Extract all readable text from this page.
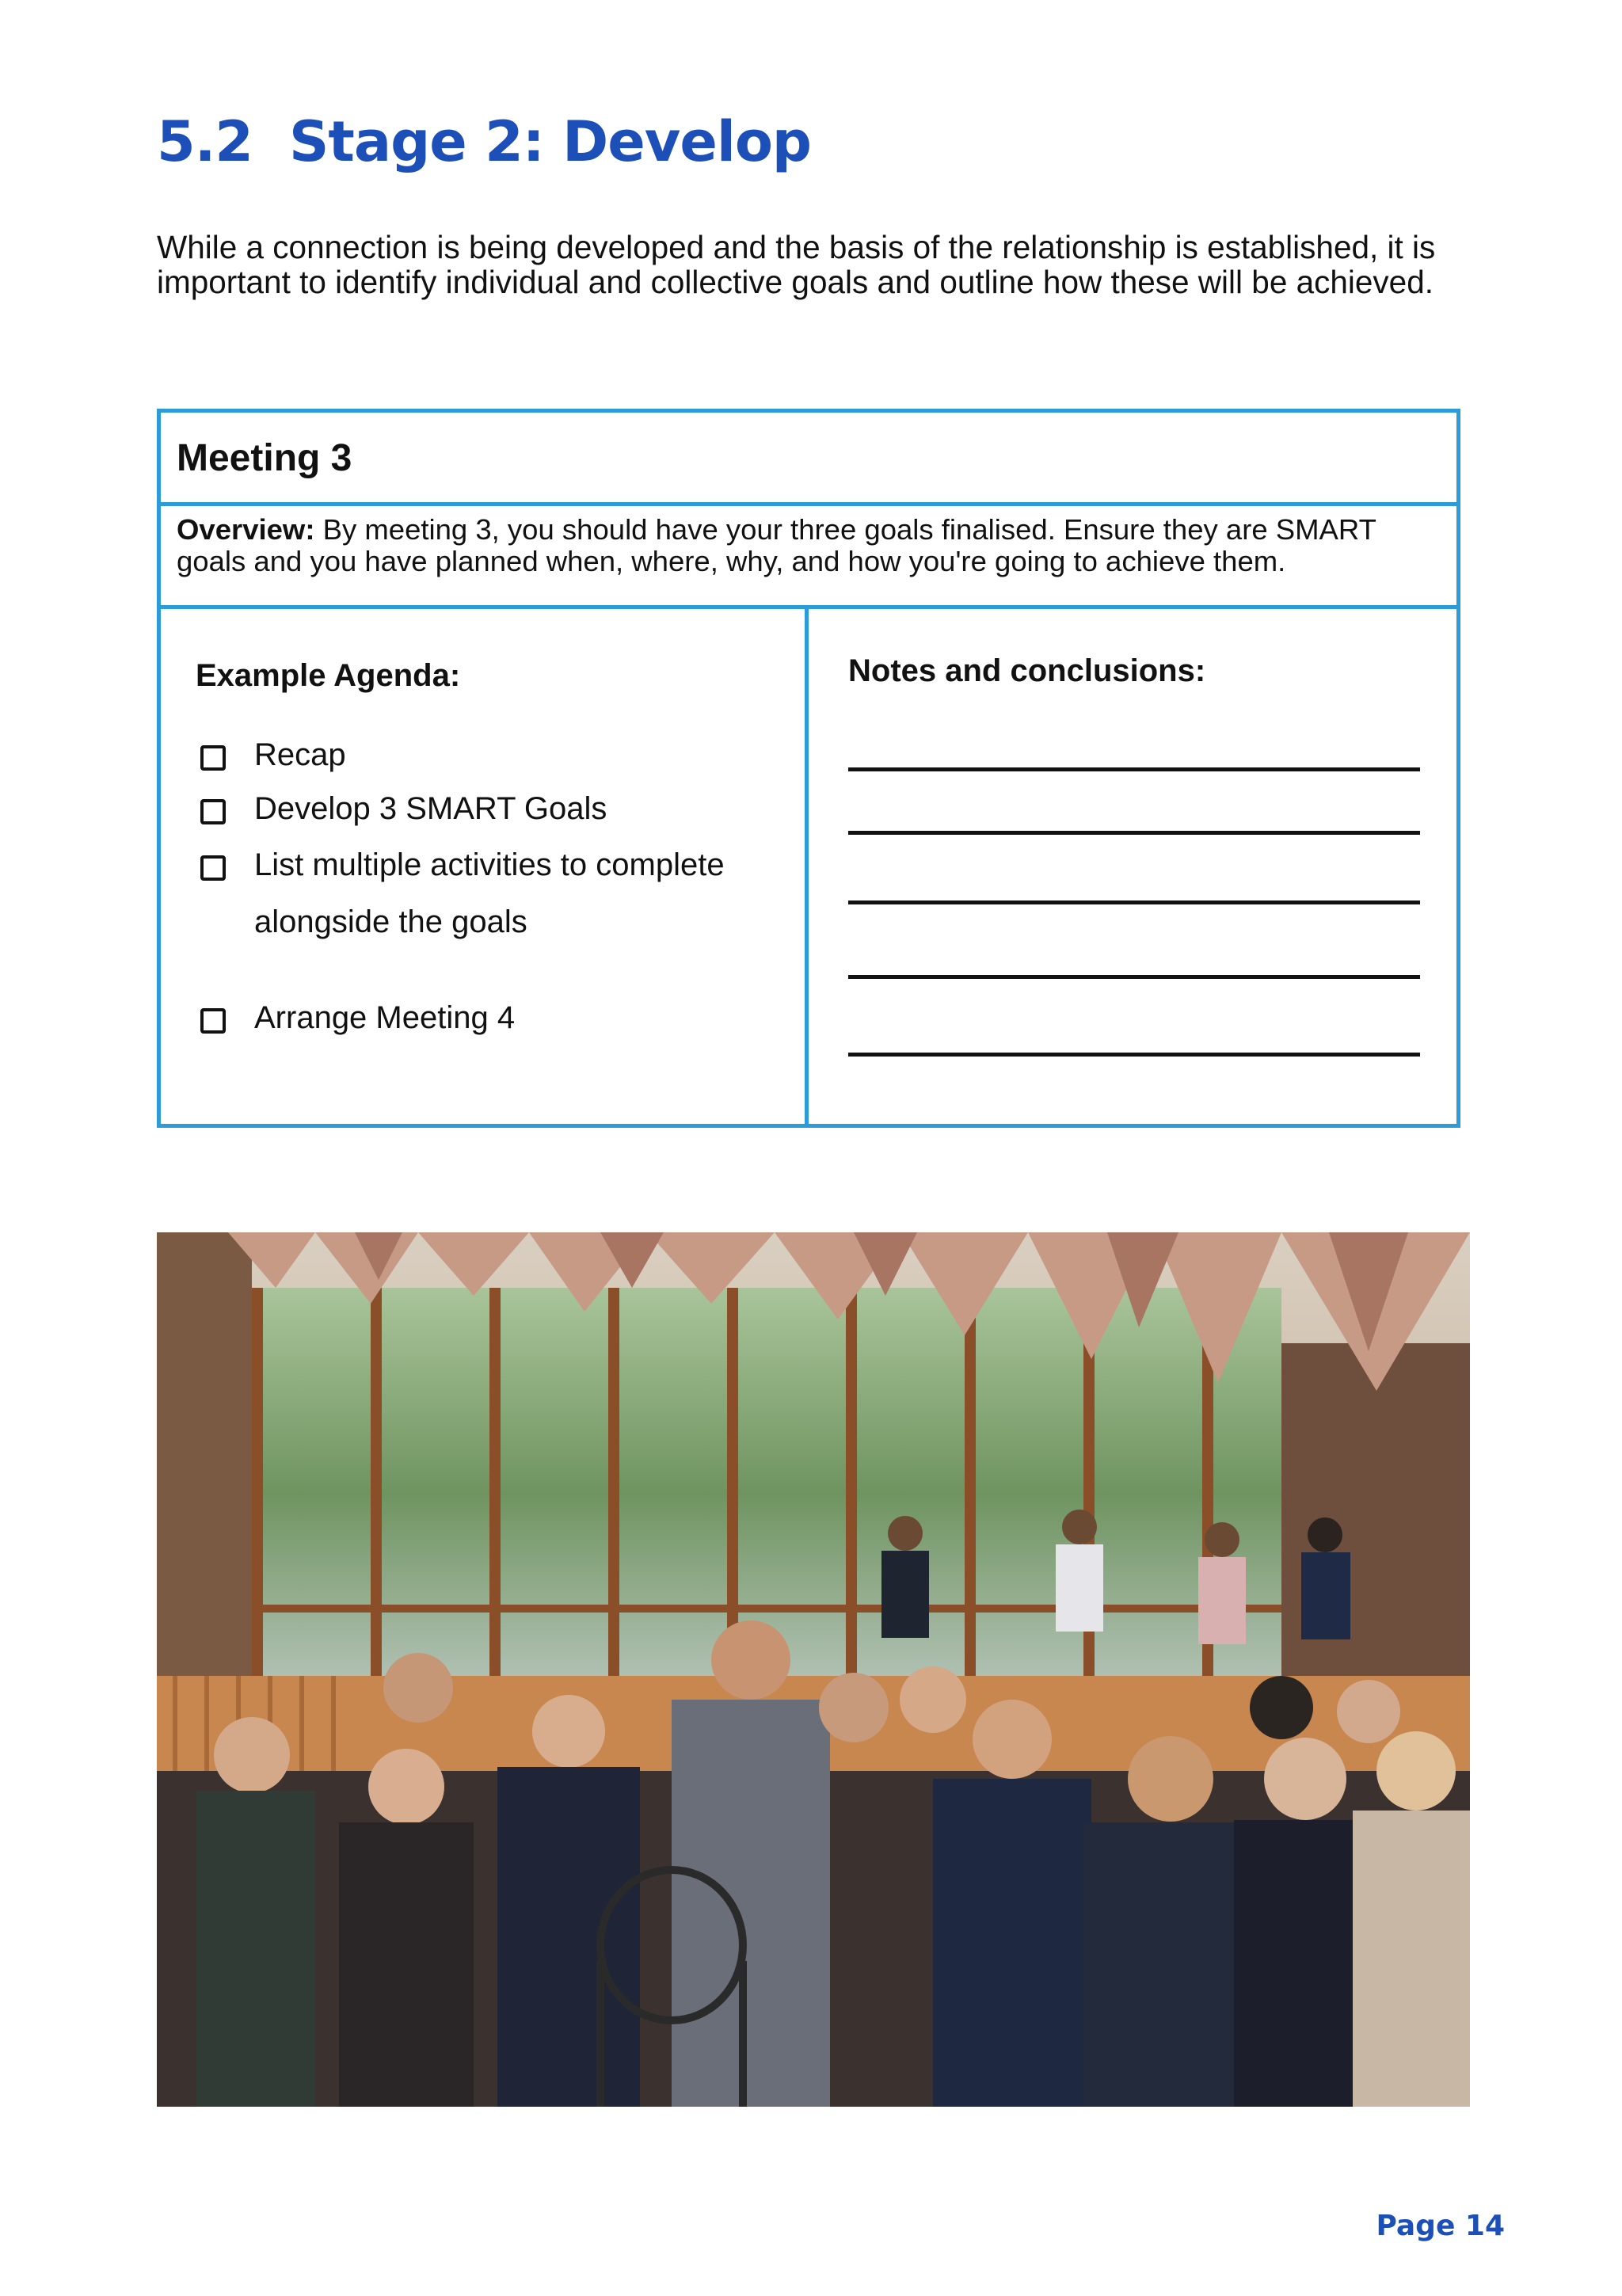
5.2 Stage 2: Develop

While a connection is being developed and the basis of the relationship is established, it is important to identify individual and collective goals and outline how these will be achieved.

Meeting 3

Overview: By meeting 3, you should have your three goals finalised. Ensure they are SMART goals and you have planned when, where, why, and how you're going to achieve them.

Example Agenda:
Recap
Develop 3 SMART Goals
List multiple activities to complete alongside the goals
Arrange Meeting 4
Notes and conclusions:
Page 14
